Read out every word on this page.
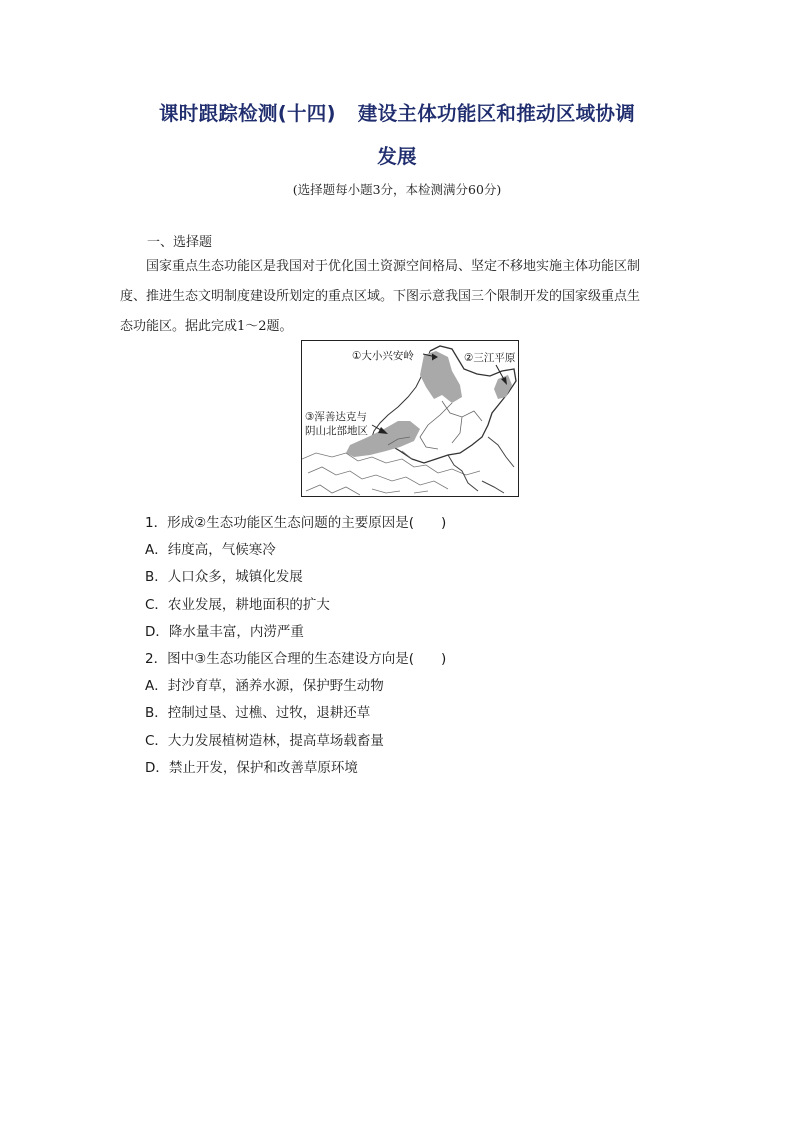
课时跟踪检测(十四) 建设主体功能区和推动区域协调
发展
(选择题每小题3分，本检测满分60分)
一、选择题

国家重点生态功能区是我国对于优化国土资源空间格局、坚定不移地实施主体功能区制

度、推进生态文明制度建设所划定的重点区域。下图示意我国三个限制开发的国家级重点生

态功能区。据此完成1～2题。

①大小兴安岭	②三江平原
③浑善达克与
阴山北部地区
1．形成②生态功能区生态问题的主要原因是(　　)
A．纬度高，气候寒冷
B．人口众多，城镇化发展
C．农业发展，耕地面积的扩大
D．降水量丰富，内涝严重
2．图中③生态功能区合理的生态建设方向是(　　)
A．封沙育草，涵养水源，保护野生动物
B．控制过垦、过樵、过牧，退耕还草
C．大力发展植树造林，提高草场载畜量
D．禁止开发，保护和改善草原环境
